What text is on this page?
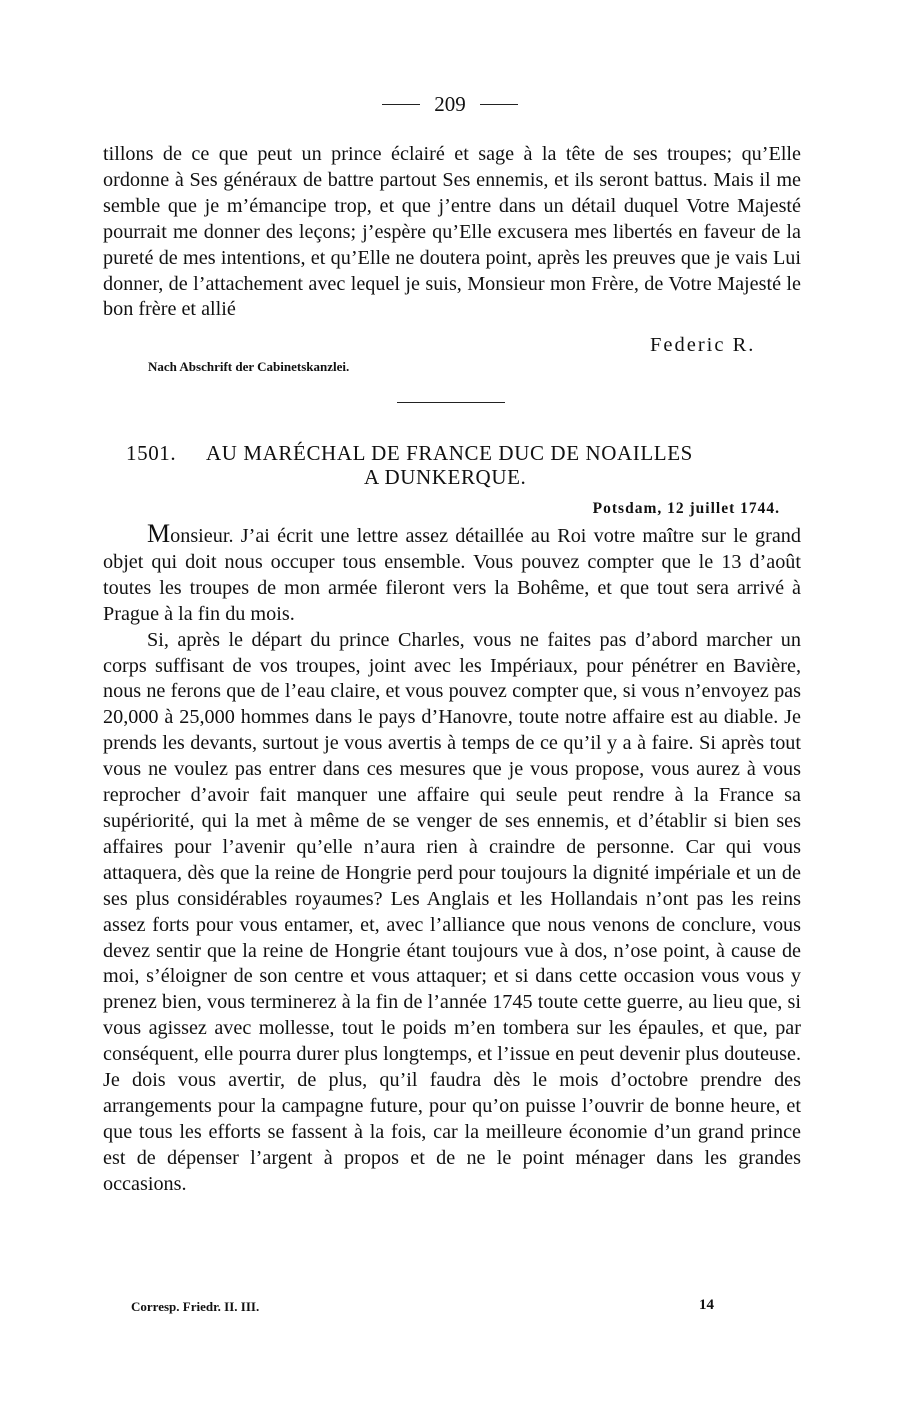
209

tillons de ce que peut un prince éclairé et sage à la tête de ses troupes; qu’Elle ordonne à Ses généraux de battre partout Ses ennemis, et ils seront battus. Mais il me semble que je m’émancipe trop, et que j’entre dans un détail duquel Votre Majesté pourrait me donner des leçons; j’espère qu’Elle excusera mes libertés en faveur de la pureté de mes intentions, et qu’Elle ne doutera point, après les preuves que je vais Lui donner, de l’attachement avec lequel je suis, Monsieur mon Frère, de Votre Majesté le bon frère et allié

Federic R.
Nach Abschrift der Cabinetskanzlei.
1501. AU MARÉCHAL DE FRANCE DUC DE NOAILLES
A DUNKERQUE.
Potsdam, 12 juillet 1744.

Monsieur. J’ai écrit une lettre assez détaillée au Roi votre maître sur le grand objet qui doit nous occuper tous ensemble. Vous pouvez compter que le 13 d’août toutes les troupes de mon armée fileront vers la Bohême, et que tout sera arrivé à Prague à la fin du mois.

Si, après le départ du prince Charles, vous ne faites pas d’abord marcher un corps suffisant de vos troupes, joint avec les Impériaux, pour pénétrer en Bavière, nous ne ferons que de l’eau claire, et vous pouvez compter que, si vous n’envoyez pas 20,000 à 25,000 hommes dans le pays d’Hanovre, toute notre affaire est au diable. Je prends les devants, surtout je vous avertis à temps de ce qu’il y a à faire. Si après tout vous ne voulez pas entrer dans ces mesures que je vous propose, vous aurez à vous reprocher d’avoir fait manquer une affaire qui seule peut rendre à la France sa supériorité, qui la met à même de se venger de ses ennemis, et d’établir si bien ses affaires pour l’avenir qu’elle n’aura rien à craindre de personne. Car qui vous attaquera, dès que la reine de Hongrie perd pour toujours la dignité impériale et un de ses plus considérables royaumes? Les Anglais et les Hollandais n’ont pas les reins assez forts pour vous entamer, et, avec l’alliance que nous venons de conclure, vous devez sentir que la reine de Hongrie étant toujours vue à dos, n’ose point, à cause de moi, s’éloigner de son centre et vous attaquer; et si dans cette occasion vous vous y prenez bien, vous terminerez à la fin de l’année 1745 toute cette guerre, au lieu que, si vous agissez avec mollesse, tout le poids m’en tombera sur les épaules, et que, par conséquent, elle pourra durer plus longtemps, et l’issue en peut devenir plus douteuse. Je dois vous avertir, de plus, qu’il faudra dès le mois d’octobre prendre des arrangements pour la campagne future, pour qu’on puisse l’ouvrir de bonne heure, et que tous les efforts se fassent à la fois, car la meilleure économie d’un grand prince est de dépenser l’argent à propos et de ne le point ménager dans les grandes occasions.

Corresp. Friedr. II. III.	14
